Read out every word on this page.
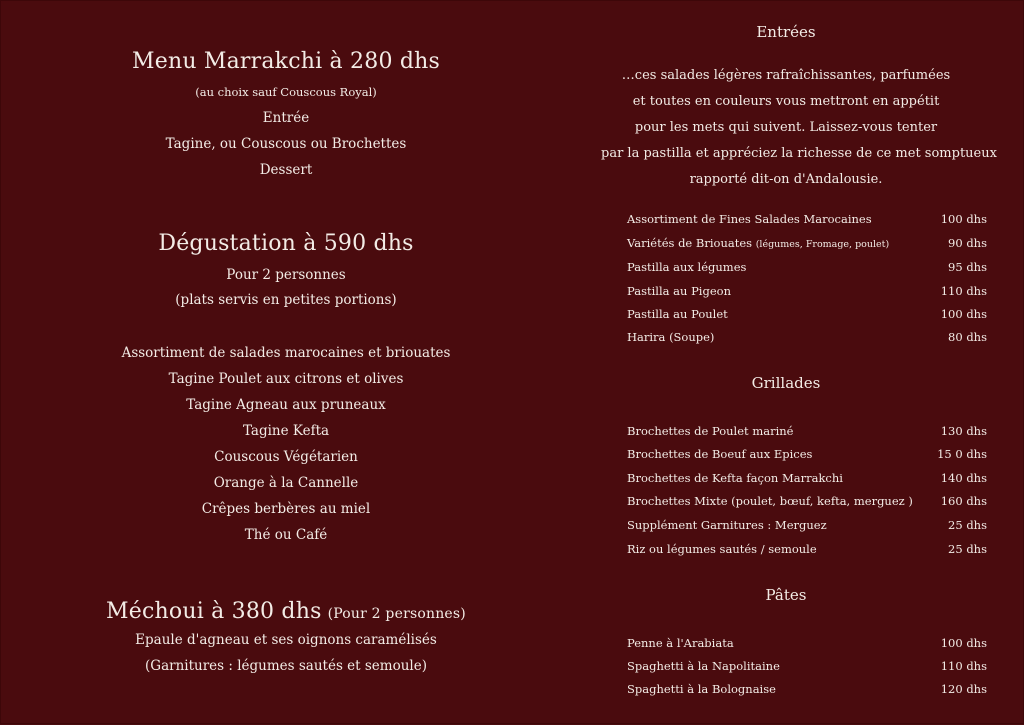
Menu Marrakchi à 280 dhs
(au choix sauf Couscous Royal)
Entrée
Tagine, ou Couscous ou Brochettes
Dessert
Dégustation à 590 dhs
Pour 2 personnes
(plats servis en petites portions)
Assortiment de salades marocaines et briouates
Tagine Poulet aux citrons et olives
Tagine Agneau aux pruneaux
Tagine Kefta
Couscous Végétarien
Orange à la Cannelle
Crêpes berbères au miel
Thé ou Café
Méchoui à 380 dhs (Pour 2 personnes)
Epaule d'agneau et ses oignons caramélisés
(Garnitures : légumes sautés et semoule)
Entrées
…ces salades légères rafraîchissantes, parfumées
et toutes en couleurs vous mettront en appétit
pour les mets qui suivent. Laissez-vous tenter
par la pastilla et appréciez la richesse de ce met somptueux
rapporté dit-on d'Andalousie.
Assortiment de Fines Salades Marocaines	100 dhs
Variétés de Briouates (légumes, Fromage, poulet)	90 dhs
Pastilla aux légumes	95 dhs
Pastilla au Pigeon	110 dhs
Pastilla au Poulet	100 dhs
Harira (Soupe)	80 dhs
Grillades
Brochettes de Poulet mariné	130 dhs
Brochettes de Boeuf aux Epices	15 0 dhs
Brochettes de Kefta façon Marrakchi	140 dhs
Brochettes Mixte (poulet, bœuf, kefta, merguez ) 160 dhs
Supplément Garnitures : Merguez	25 dhs
Riz ou légumes sautés / semoule	25 dhs
Pâtes
Penne à l'Arabiata	100 dhs
Spaghetti à la Napolitaine	110 dhs
Spaghetti à la Bolognaise	120 dhs
